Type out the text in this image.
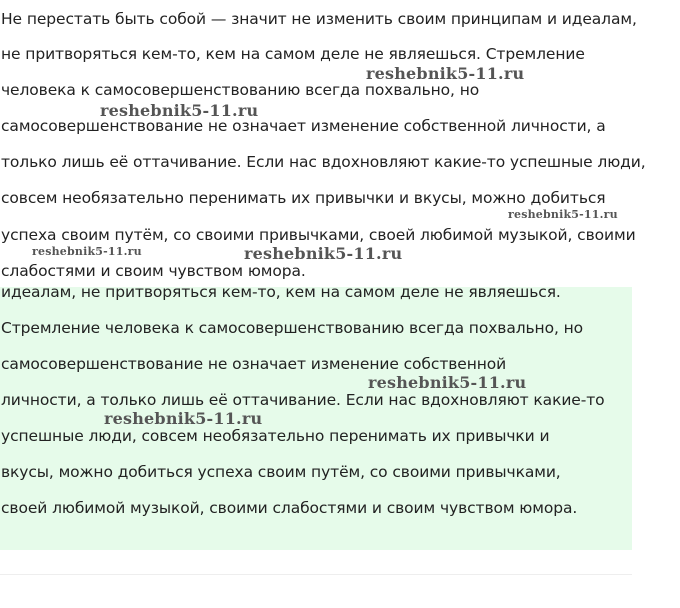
Не перестать быть собой — значит не изменить своим принципам и идеалам,
не притворяться кем-то, кем на самом деле не являешься. Стремление
человека к самосовершенствованию всегда похвально, но
самосовершенствование не означает изменение собственной личности, а
только лишь её оттачивание. Если нас вдохновляют какие-то успешные люди,
совсем необязательно перенимать их привычки и вкусы, можно добиться
успеха своим путём, со своими привычками, своей любимой музыкой, своими
слабостями и своим чувством юмора.
идеалам, не притворяться кем-то, кем на самом деле не являешься.
Стремление человека к самосовершенствованию всегда похвально, но
самосовершенствование не означает изменение собственной
личности, а только лишь её оттачивание. Если нас вдохновляют какие-то
успешные люди, совсем необязательно перенимать их привычки и
вкусы, можно добиться успеха своим путём, со своими привычками,
своей любимой музыкой, своими слабостями и своим чувством юмора.
reshebnik5-11.ru
reshebnik5-11.ru
reshebnik5-11.ru
reshebnik5-11.ru	reshebnik5-11.ru
reshebnik5-11.ru
reshebnik5-11.ru
